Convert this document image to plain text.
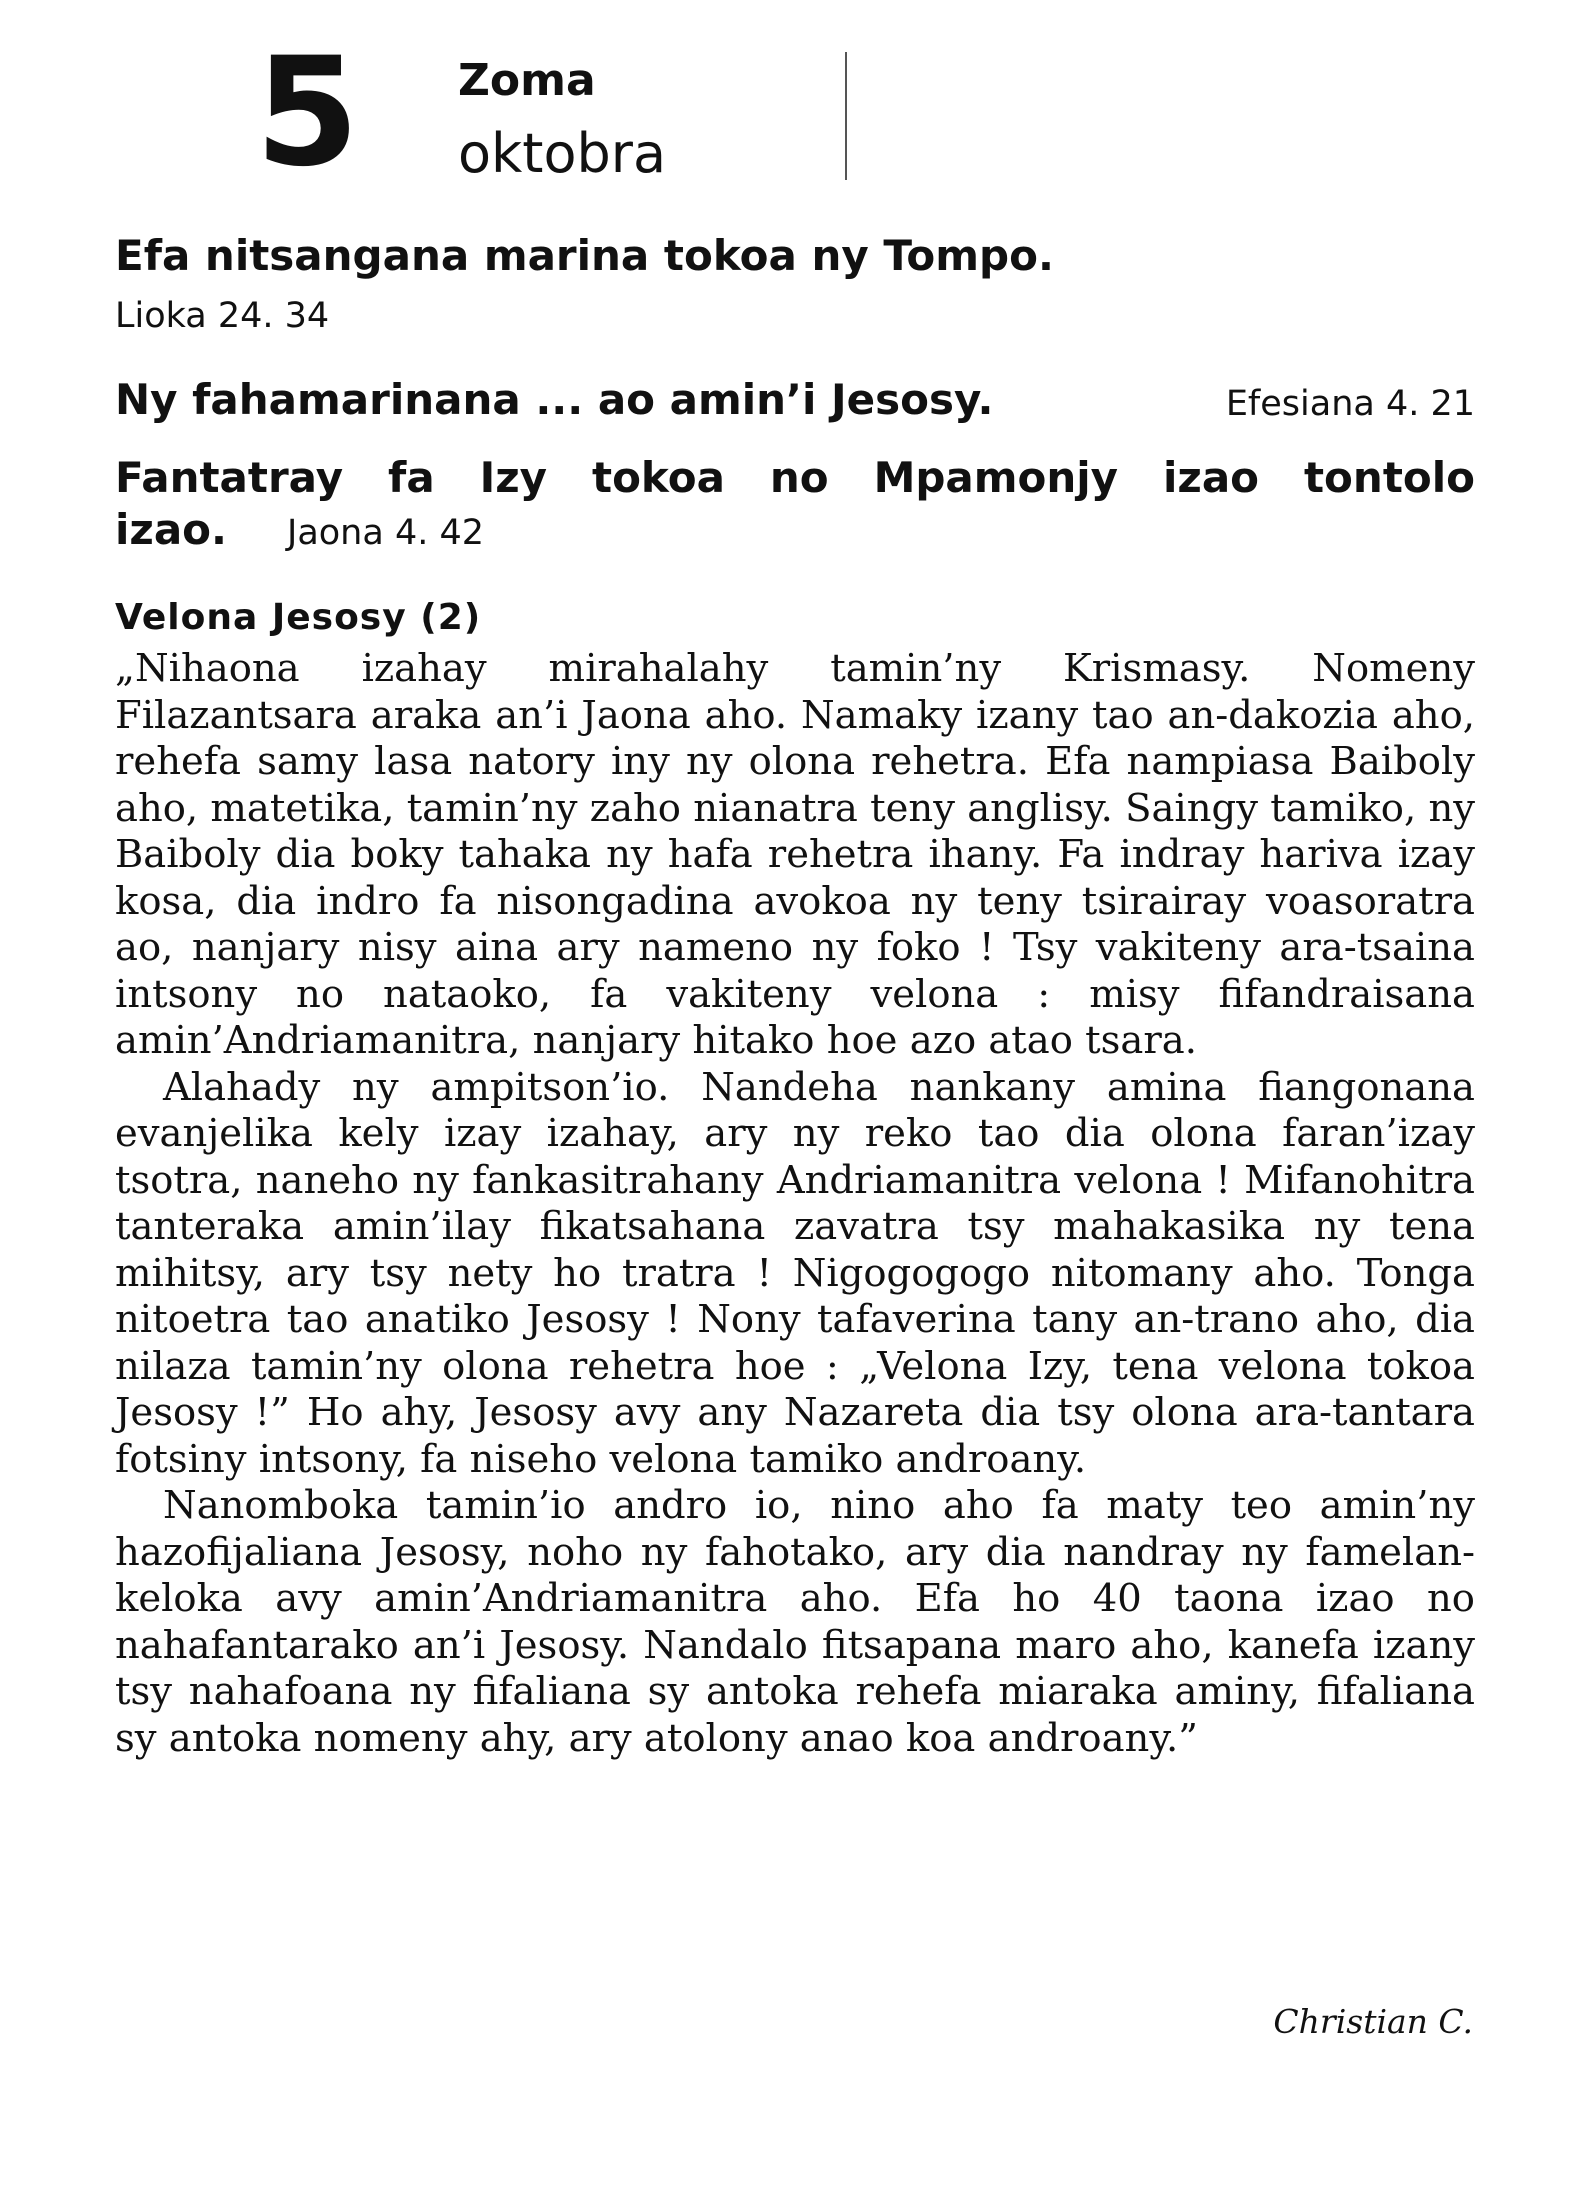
5 Zoma
oktobra
Efa nitsangana marina tokoa ny Tompo.
Lioka 24. 34
Ny fahamarinana ... ao amin’i Jesosy.	Efesiana 4. 21
Fantatray fa Izy tokoa no Mpamonjy izao tontolo izao. Jaona 4. 42
Velona Jesosy (2)

„Nihaona izahay mirahalahy tamin’ny Krismasy. Nomeny Filazantsara araka an’i Jaona aho. Namaky izany tao an-dakozia aho, rehefa samy lasa natory iny ny olona rehetra. Efa nampiasa Baiboly aho, matetika, tamin’ny zaho nianatra teny anglisy. Saingy tamiko, ny Baiboly dia boky tahaka ny hafa rehetra ihany. Fa indray hariva izay kosa, dia indro fa nisongadina avokoa ny teny tsirairay voasoratra ao, nanjary nisy aina ary nameno ny foko ! Tsy vakiteny ara-tsaina intsony no nataoko, fa vakiteny velona : misy fifandraisana amin’Andriamanitra, nanjary hitako hoe azo atao tsara.

Alahady ny ampitson’io. Nandeha nankany amina fiangonana evanjelika kely izay izahay, ary ny reko tao dia olona faran’izay tsotra, naneho ny fankasitrahany Andriamanitra velona ! Mifanohitra tanteraka amin’ilay fikatsahana zavatra tsy mahakasika ny tena mihitsy, ary tsy nety ho tratra ! Nigogogogo nitomany aho. Tonga nitoetra tao anatiko Jesosy ! Nony tafaverina tany an-trano aho, dia nilaza tamin’ny olona rehetra hoe : „Velona Izy, tena velona tokoa Jesosy !” Ho ahy, Jesosy avy any Nazareta dia tsy olona ara-tantara fotsiny intsony, fa niseho velona tamiko androany.

Nanomboka tamin’io andro io, nino aho fa maty teo amin’ny hazofijaliana Jesosy, noho ny fahotako, ary dia nandray ny famelan-keloka avy amin’Andriamanitra aho. Efa ho 40 taona izao no nahafantarako an’i Jesosy. Nandalo fitsapana maro aho, kanefa izany tsy nahafoana ny fifaliana sy antoka rehefa miaraka aminy, fifaliana sy antoka nomeny ahy, ary atolony anao koa androany.”

Christian C.
